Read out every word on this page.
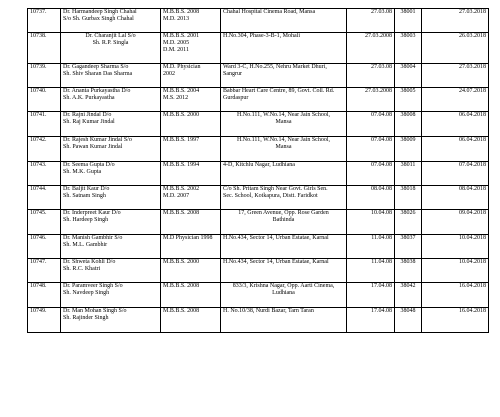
10737.	Dr. Harmandeep Singh Chahal
S/o Sh. Gurbax Singh Chahal	M.B.B.S. 2008
M.D. 2013	Chahal Hospital Cinema Road, Mansa	27.03.08	38001	27.03.2018
10738.	Dr. Charanjit Lal S/o
Sh. R.P. Singla	M.B.B.S. 2001
M.D. 2005
D.M. 2011	H.No.304, Phase-3-B-1, Mohali	27.03.2008	38003	26.03.2018
10739.	Dr. Gagandeep Sharma S/o
Sh. Shiv Sharan Das Sharma	M.D. Physician
2002	Ward 3-C, H.No.255, Nehru Market Dhuri,
Sangrur	27.03.08	38004	27.03.2018
10740.	Dr. Ananta Purkayastha D/o
Sh. A.K. Purkayastha	M.B.B.S. 2004
M.S. 2012	Babbar Heart Care Centre, 89, Govt. Coll. Rd.
Gurdaspur	27.03.2008	38005	24.07.2018
10741.	Dr. Rajni Jindal D/o
Sh. Raj Kumar Jindal	M.B.B.S. 2000	H.No.111, W.No.14, Near Jain School,
Mansa	07.04.08	38008	06.04.2018
10742.	Dr. Rajesh Kumar Jindal S/o
Sh. Pawan Kumar Jindal	M.B.B.S. 1997	H.No.111, W.No.14, Near Jain School,
Mansa	07.04.08	38009	06.04.2018
10743.	Dr. Seema Gupta D/o
Sh. M.K. Gupta	M.B.B.S. 1994	4-D, Kitchlu Nagar, Ludhiana	07.04.08	38011	07.04.2018
10744.	Dr. Baljit Kaur D/o
Sh. Satnam Singh	M.B.B.S. 2002
M.D. 2007	C/o Sh. Pritam Singh Near Govt. Girls Sen.
Sec. School, Kotkapura, Distt. Faridkot	08.04.08	38018	08.04.2018
10745.	Dr. Inderpreet Kaur D/o
Sh. Hardeep Singh	M.B.B.S. 2008	17, Green Avenue, Opp. Rose Garden
Bathinda	10.04.08	38026	09.04.2018
10746.	Dr. Manish Gambhir S/o
Sh. M.L. Gambhir	M.D Physician 1998	H.No.434, Sector 14, Urban Estatae, Karnal	11.04.08	38037	10.04.2018
10747.	Dr. Shweta Kohli D/o
Sh. R.C. Khatri	M.B.B.S. 2000	H.No.434, Sector 14, Urban Estatae, Karnal	11.04.08	38038	10.04.2018
10748.	Dr. Paramveer Singh S/o
Sh. Navdeep Singh	M.B.B.S. 2008	833/3, Krishna Nagar, Opp. Aarti Cinema,
Ludhiana	17.04.08	38042	16.04.2018
10749.	Dr. Man Mohan Singh S/o
Sh. Rajinder Singh	M.B.B.S. 2008	H. No.10/38, Nurdi Bazar, Tarn Taran	17.04.08	38048	16.04.2018
